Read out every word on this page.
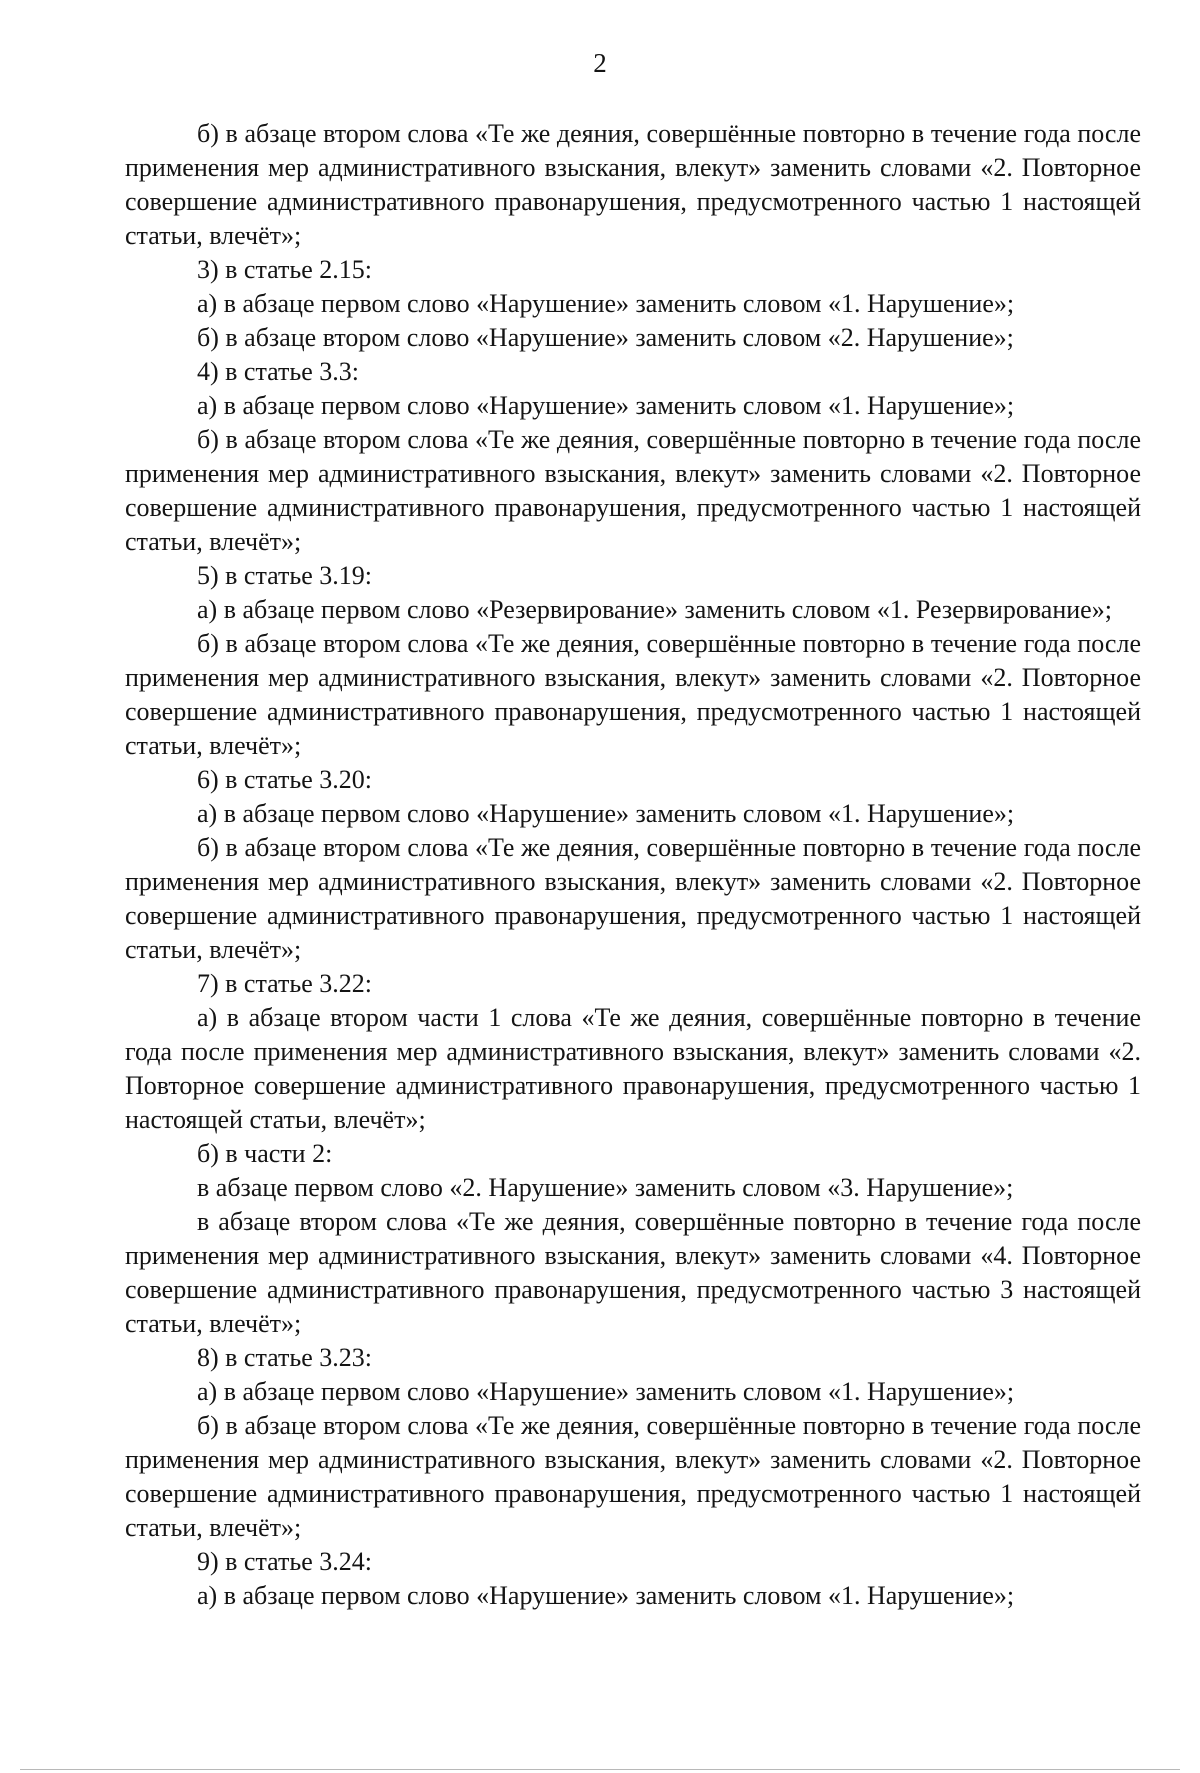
2

б) в абзаце втором слова «Те же деяния, совершённые повторно в течение года после применения мер административного взыскания, влекут» заменить словами «2. Повторное совершение административного правонарушения, предусмотренного частью 1 настоящей статьи, влечёт»;

3) в статье 2.15:

а) в абзаце первом слово «Нарушение» заменить словом «1. Нарушение»;

б) в абзаце втором слово «Нарушение» заменить словом «2. Нарушение»;

4) в статье 3.3:

а) в абзаце первом слово «Нарушение» заменить словом «1. Нарушение»;

б) в абзаце втором слова «Те же деяния, совершённые повторно в течение года после применения мер административного взыскания, влекут» заменить словами «2. Повторное совершение административного правонарушения, предусмотренного частью 1 настоящей статьи, влечёт»;

5) в статье 3.19:

а) в абзаце первом слово «Резервирование» заменить словом «1. Резервирование»;

б) в абзаце втором слова «Те же деяния, совершённые повторно в течение года после применения мер административного взыскания, влекут» заменить словами «2. Повторное совершение административного правонарушения, предусмотренного частью 1 настоящей статьи, влечёт»;

6) в статье 3.20:

а) в абзаце первом слово «Нарушение» заменить словом «1. Нарушение»;

б) в абзаце втором слова «Те же деяния, совершённые повторно в течение года после применения мер административного взыскания, влекут» заменить словами «2. Повторное совершение административного правонарушения, предусмотренного частью 1 настоящей статьи, влечёт»;

7) в статье 3.22:

а) в абзаце втором части 1 слова «Те же деяния, совершённые повторно в течение года после применения мер административного взыскания, влекут» заменить словами «2. Повторное совершение административного правонарушения, предусмотренного частью 1 настоящей статьи, влечёт»;

б) в части 2:

в абзаце первом слово «2. Нарушение» заменить словом «3. Нарушение»;

в абзаце втором слова «Те же деяния, совершённые повторно в течение года после применения мер административного взыскания, влекут» заменить словами «4. Повторное совершение административного правонарушения, предусмотренного частью 3 настоящей статьи, влечёт»;

8) в статье 3.23:

а) в абзаце первом слово «Нарушение» заменить словом «1. Нарушение»;

б) в абзаце втором слова «Те же деяния, совершённые повторно в течение года после применения мер административного взыскания, влекут» заменить словами «2. Повторное совершение административного правонарушения, предусмотренного частью 1 настоящей статьи, влечёт»;

9) в статье 3.24:

а) в абзаце первом слово «Нарушение» заменить словом «1. Нарушение»;
